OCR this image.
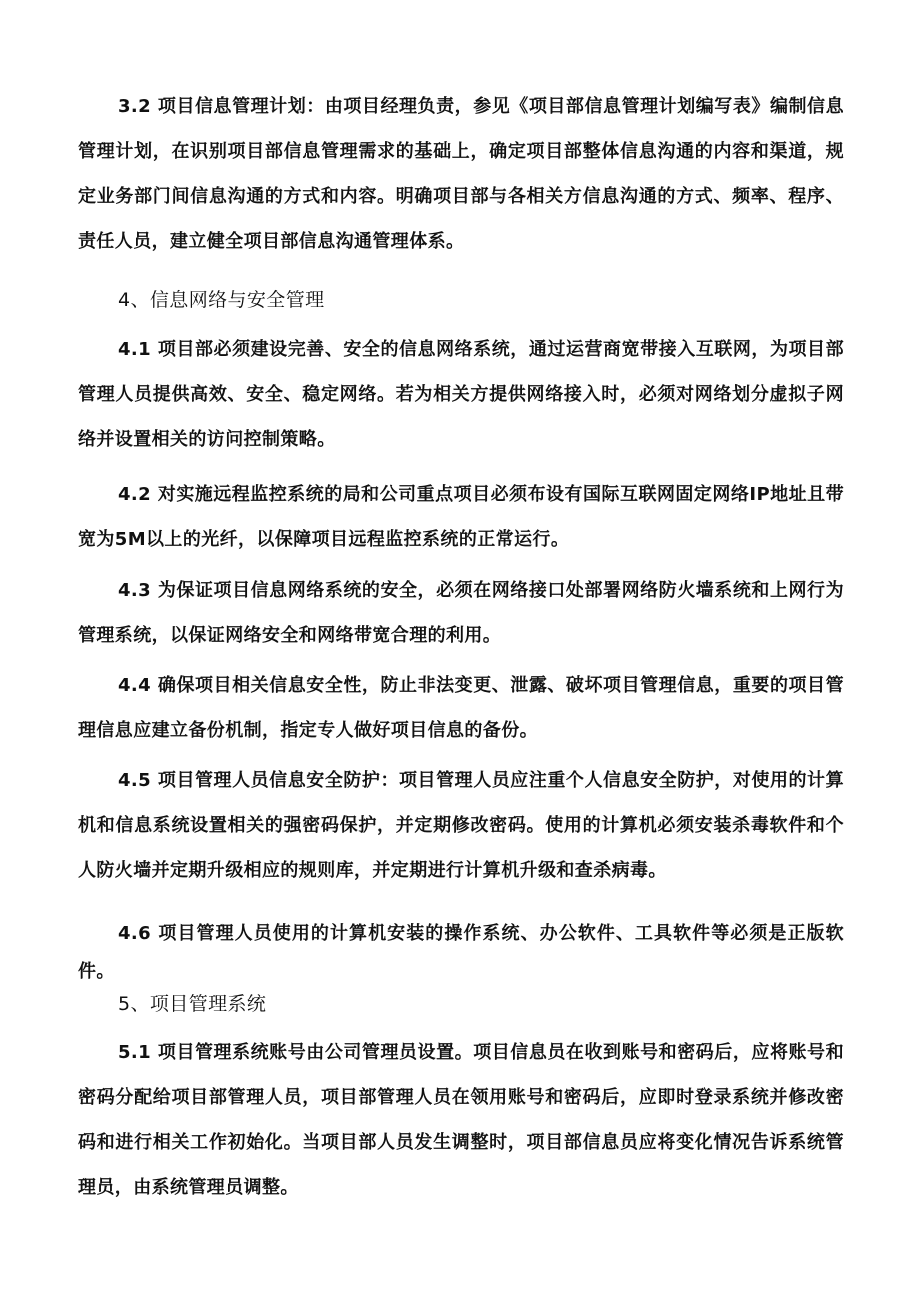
3.2 项目信息管理计划：由项目经理负责，参见《项目部信息管理计划编写表》编制信息管理计划，在识别项目部信息管理需求的基础上，确定项目部整体信息沟通的内容和渠道，规定业务部门间信息沟通的方式和内容。明确项目部与各相关方信息沟通的方式、频率、程序、责任人员，建立健全项目部信息沟通管理体系。

4、信息网络与安全管理

4.1 项目部必须建设完善、安全的信息网络系统，通过运营商宽带接入互联网，为项目部管理人员提供高效、安全、稳定网络。若为相关方提供网络接入时，必须对网络划分虚拟子网络并设置相关的访问控制策略。

4.2 对实施远程监控系统的局和公司重点项目必须布设有国际互联网固定网络IP地址且带宽为5M以上的光纤，以保障项目远程监控系统的正常运行。

4.3 为保证项目信息网络系统的安全，必须在网络接口处部署网络防火墙系统和上网行为管理系统，以保证网络安全和网络带宽合理的利用。

4.4 确保项目相关信息安全性，防止非法变更、泄露、破坏项目管理信息，重要的项目管理信息应建立备份机制，指定专人做好项目信息的备份。

4.5 项目管理人员信息安全防护：项目管理人员应注重个人信息安全防护，对使用的计算机和信息系统设置相关的强密码保护，并定期修改密码。使用的计算机必须安装杀毒软件和个人防火墙并定期升级相应的规则库，并定期进行计算机升级和查杀病毒。

4.6 项目管理人员使用的计算机安装的操作系统、办公软件、工具软件等必须是正版软件。

5、项目管理系统

5.1 项目管理系统账号由公司管理员设置。项目信息员在收到账号和密码后，应将账号和密码分配给项目部管理人员，项目部管理人员在领用账号和密码后，应即时登录系统并修改密码和进行相关工作初始化。当项目部人员发生调整时，项目部信息员应将变化情况告诉系统管理员，由系统管理员调整。
